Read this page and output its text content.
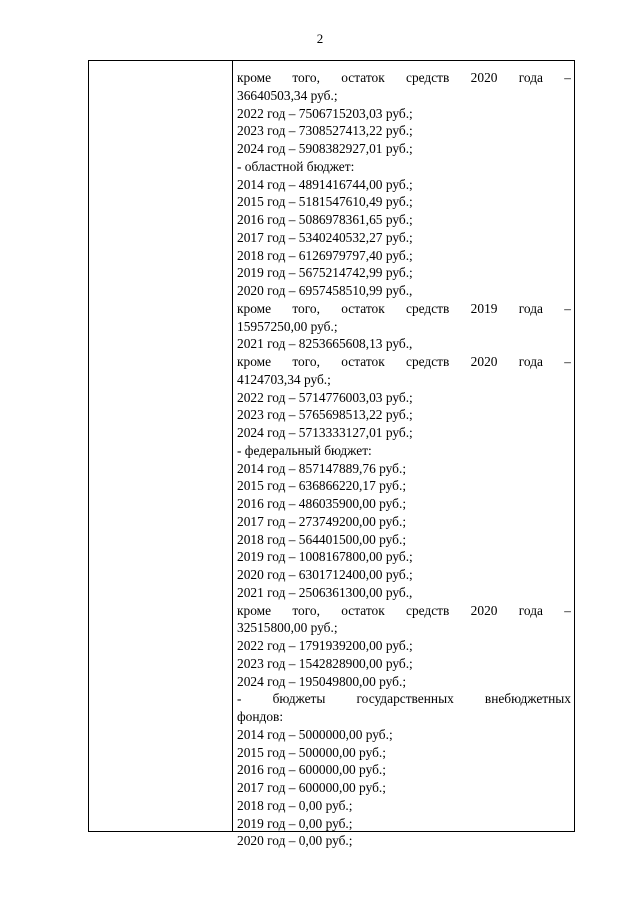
2
кроме того, остаток средств 2020 года –
36640503,34 руб.;
2022 год – 7506715203,03 руб.;
2023 год – 7308527413,22 руб.;
2024 год – 5908382927,01 руб.;
- областной бюджет:
2014 год – 4891416744,00 руб.;
2015 год – 5181547610,49 руб.;
2016 год – 5086978361,65 руб.;
2017 год – 5340240532,27 руб.;
2018 год – 6126979797,40 руб.;
2019 год – 5675214742,99 руб.;
2020 год – 6957458510,99 руб.,
кроме того, остаток средств 2019 года –
15957250,00 руб.;
2021 год – 8253665608,13 руб.,
кроме того, остаток средств 2020 года –
4124703,34 руб.;
2022 год – 5714776003,03 руб.;
2023 год – 5765698513,22 руб.;
2024 год – 5713333127,01 руб.;
- федеральный бюджет:
2014 год – 857147889,76 руб.;
2015 год – 636866220,17 руб.;
2016 год – 486035900,00 руб.;
2017 год – 273749200,00 руб.;
2018 год – 564401500,00 руб.;
2019 год – 1008167800,00 руб.;
2020 год – 6301712400,00 руб.;
2021 год – 2506361300,00 руб.,
кроме того, остаток средств 2020 года –
32515800,00 руб.;
2022 год – 1791939200,00 руб.;
2023 год – 1542828900,00 руб.;
2024 год – 195049800,00 руб.;
- бюджеты государственных внебюджетных
фондов:
2014 год – 5000000,00 руб.;
2015 год – 500000,00 руб.;
2016 год – 600000,00 руб.;
2017 год – 600000,00 руб.;
2018 год – 0,00 руб.;
2019 год – 0,00 руб.;
2020 год – 0,00 руб.;
